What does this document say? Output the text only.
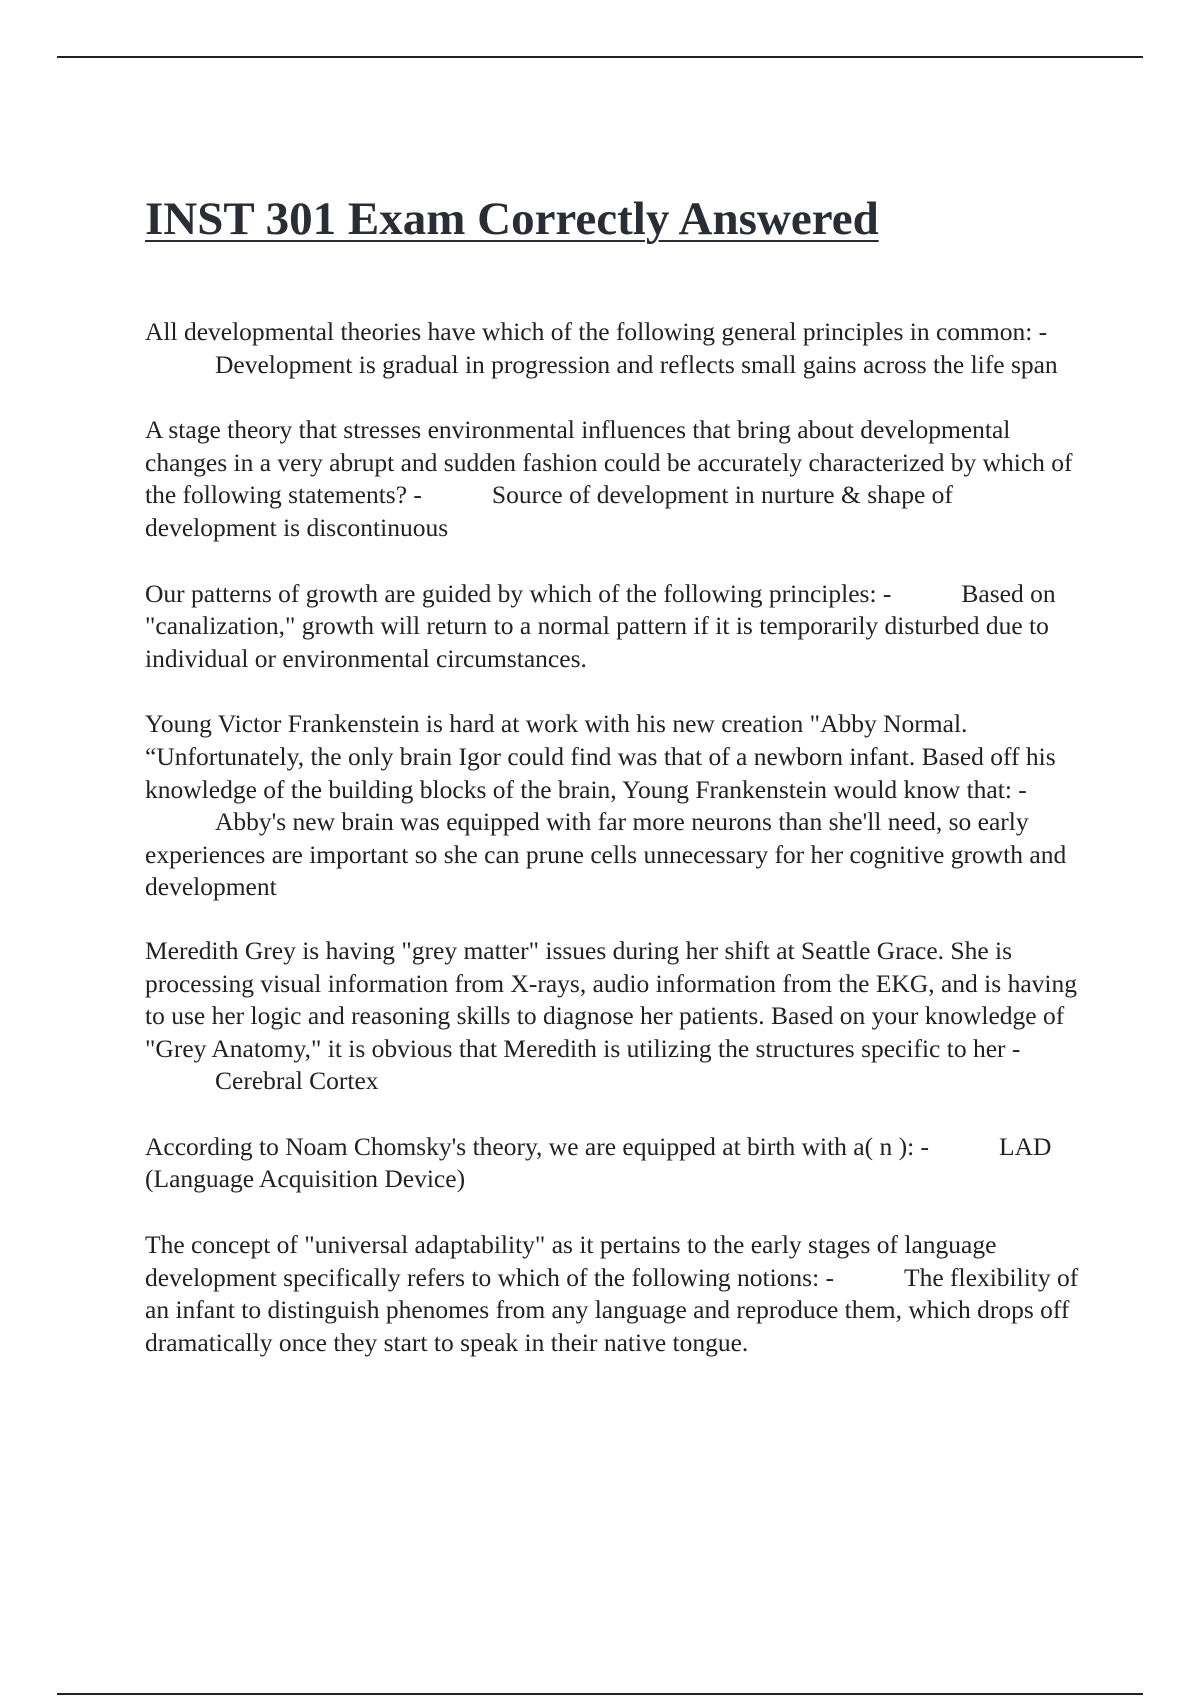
INST 301 Exam Correctly Answered
All developmental theories have which of the following general principles in common: - Development is gradual in progression and reflects small gains across the life span
A stage theory that stresses environmental influences that bring about developmental changes in a very abrupt and sudden fashion could be accurately characterized by which of the following statements? -	Source of development in nurture & shape of development is discontinuous
Our patterns of growth are guided by which of the following principles: -	Based on "canalization," growth will return to a normal pattern if it is temporarily disturbed due to individual or environmental circumstances.
Young Victor Frankenstein is hard at work with his new creation "Abby Normal. “Unfortunately, the only brain Igor could find was that of a newborn infant. Based off his knowledge of the building blocks of the brain, Young Frankenstein would know that: - Abby's new brain was equipped with far more neurons than she'll need, so early experiences are important so she can prune cells unnecessary for her cognitive growth and development
Meredith Grey is having "grey matter" issues during her shift at Seattle Grace. She is processing visual information from X-rays, audio information from the EKG, and is having to use her logic and reasoning skills to diagnose her patients. Based on your knowledge of "Grey Anatomy," it is obvious that Meredith is utilizing the structures specific to her - Cerebral Cortex
According to Noam Chomsky's theory, we are equipped at birth with a( n ): -	LAD (Language Acquisition Device)
The concept of "universal adaptability" as it pertains to the early stages of language development specifically refers to which of the following notions: -	The flexibility of an infant to distinguish phenomes from any language and reproduce them, which drops off dramatically once they start to speak in their native tongue.
